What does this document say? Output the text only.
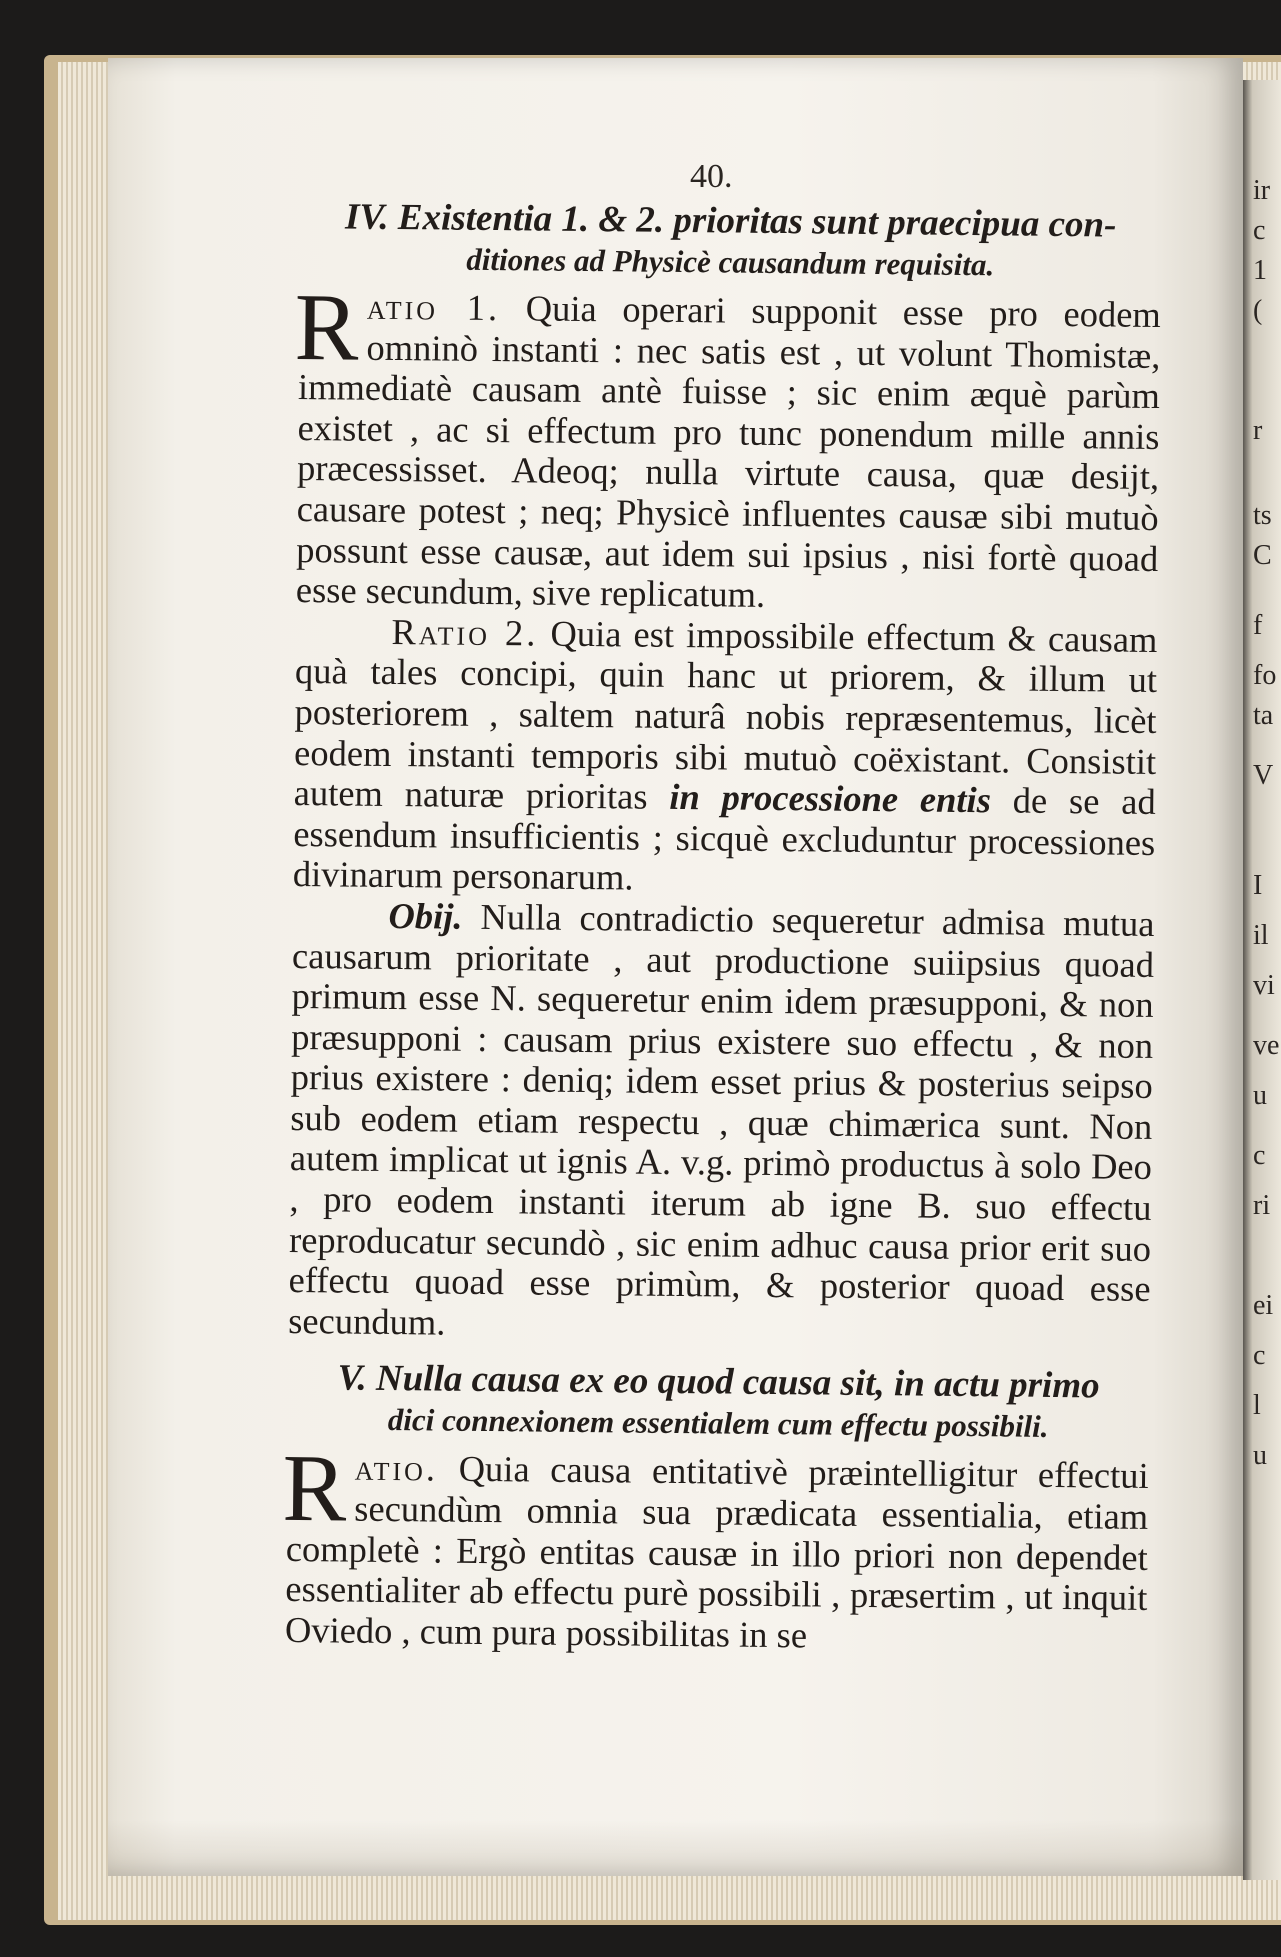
ir
c
1
(
r
ts
C
f
fo
ta
V
I
il
vi
ve
u
c
ri
ei
c
l
u
40.
IV. Existentia 1. & 2. prioritas sunt praecipua con-
ditiones ad Physicè causandum requisita.

Ratio 1. Quia operari supponit esse pro eodem omninò instanti : nec satis est , ut volunt Thomistæ, immediatè causam antè fuisse ; sic enim æquè parùm existet , ac si effectum pro tunc ponendum mille annis præcessisset. Adeoq; nulla virtute causa, quæ desijt, causare potest ; neq; Physicè influentes causæ sibi mutuò possunt esse causæ, aut idem sui ipsius , nisi fortè quoad esse secundum, sive replicatum.

Ratio 2. Quia est impossibile effectum & causam quà tales concipi, quin hanc ut priorem, & illum ut posteriorem , saltem naturâ nobis repræsentemus, licèt eodem instanti temporis sibi mutuò coëxistant. Consistit autem naturæ prioritas in processione entis de se ad essendum insufficientis ; sicquè excluduntur processiones divinarum personarum.

Obij. Nulla contradictio sequeretur admisa mutua causarum prioritate , aut productione suiipsius quoad primum esse N. sequeretur enim idem præsupponi, & non præsupponi : causam prius existere suo effectu , & non prius existere : deniq; idem esset prius & posterius seipso sub eodem etiam respectu , quæ chimærica sunt. Non autem implicat ut ignis A. v.g. primò productus à solo Deo , pro eodem instanti iterum ab igne B. suo effectu reproducatur secundò , sic enim adhuc causa prior erit suo effectu quoad esse primùm, & posterior quoad esse secundum.

V. Nulla causa ex eo quod causa sit, in actu primo
dici connexionem essentialem cum effectu possibili.

Ratio. Quia causa entitativè præintelligitur effectui secundùm omnia sua prædicata essentialia, etiam completè : Ergò entitas causæ in illo priori non dependet essentialiter ab effectu purè possibili , præsertim , ut inquit Oviedo , cum pura possibilitas in se
